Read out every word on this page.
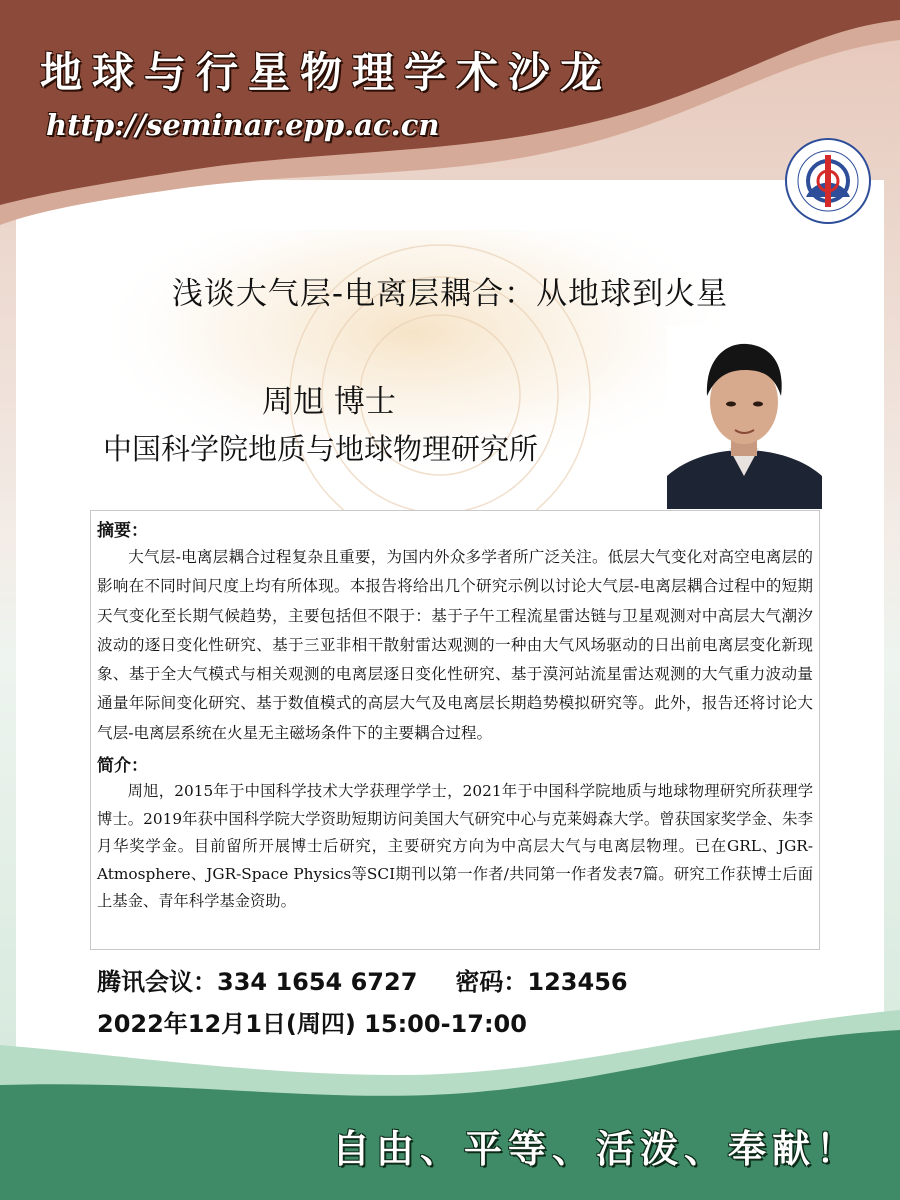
地球与行星物理学术沙龙
http://seminar.epp.ac.cn
浅谈大气层-电离层耦合：从地球到火星
周旭 博士
中国科学院地质与地球物理研究所
摘要：

大气层-电离层耦合过程复杂且重要，为国内外众多学者所广泛关注。低层大气变化对高空电离层的影响在不同时间尺度上均有所体现。本报告将给出几个研究示例以讨论大气层-电离层耦合过程中的短期天气变化至长期气候趋势，主要包括但不限于：基于子午工程流星雷达链与卫星观测对中高层大气潮汐波动的逐日变化性研究、基于三亚非相干散射雷达观测的一种由大气风场驱动的日出前电离层变化新现象、基于全大气模式与相关观测的电离层逐日变化性研究、基于漠河站流星雷达观测的大气重力波动量通量年际间变化研究、基于数值模式的高层大气及电离层长期趋势模拟研究等。此外，报告还将讨论大气层-电离层系统在火星无主磁场条件下的主要耦合过程。

简介：

周旭，2015年于中国科学技术大学获理学学士，2021年于中国科学院地质与地球物理研究所获理学博士。2019年获中国科学院大学资助短期访问美国大气研究中心与克莱姆森大学。曾获国家奖学金、朱李月华奖学金。目前留所开展博士后研究，主要研究方向为中高层大气与电离层物理。已在GRL、JGR-Atmosphere、JGR-Space Physics等SCI期刊以第一作者/共同第一作者发表7篇。研究工作获博士后面上基金、青年科学基金资助。

腾讯会议：334 1654 6727 密码：123456
2022年12月1日(周四) 15:00-17:00
自由、平等、活泼、奉献！
